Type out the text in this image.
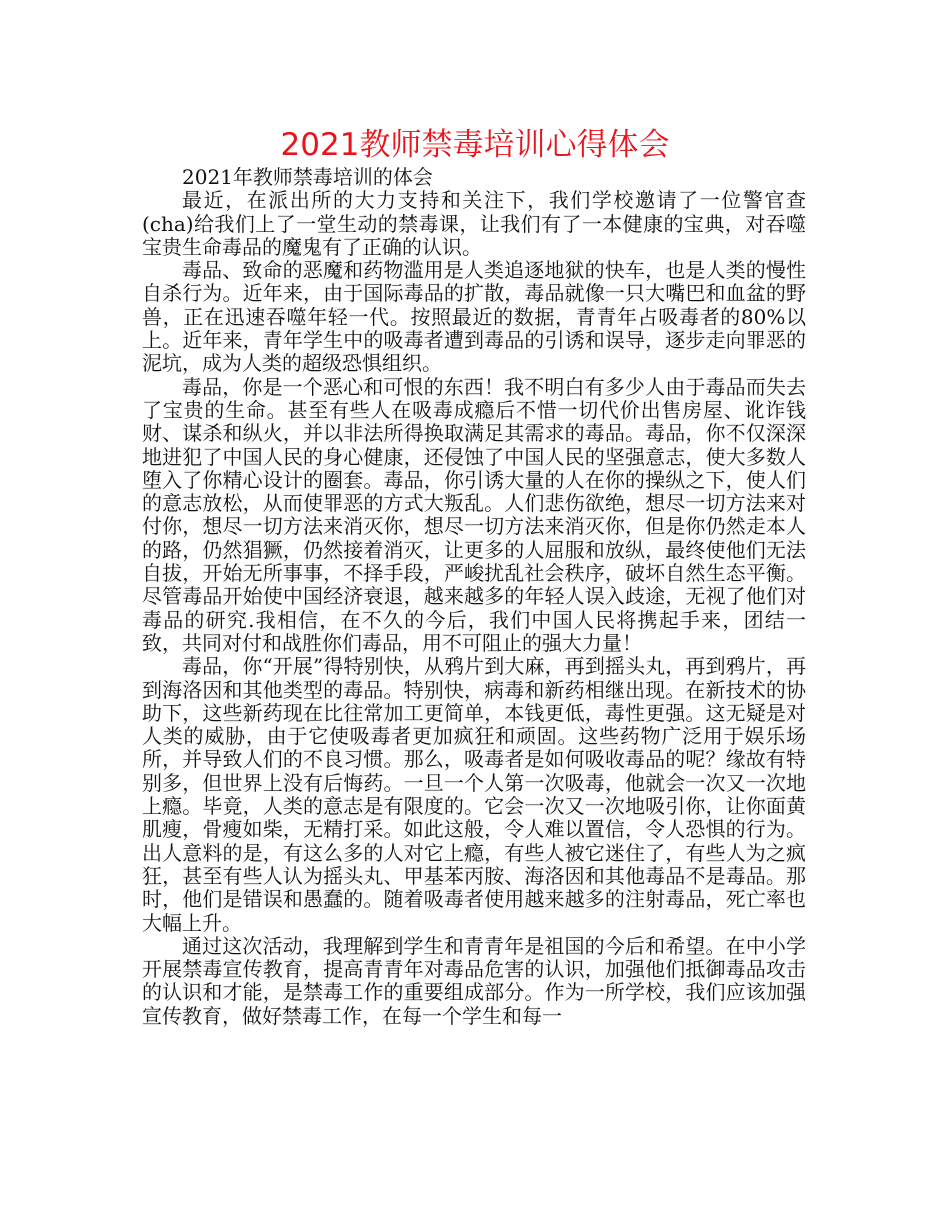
2021教师禁毒培训心得体会

2021年教师禁毒培训的体会

最近，在派出所的大力支持和关注下，我们学校邀请了一位警官查(cha)给我们上了一堂生动的禁毒课，让我们有了一本健康的宝典，对吞噬宝贵生命毒品的魔鬼有了正确的认识。

毒品、致命的恶魔和药物滥用是人类追逐地狱的快车，也是人类的慢性自杀行为。近年来，由于国际毒品的扩散，毒品就像一只大嘴巴和血盆的野兽，正在迅速吞噬年轻一代。按照最近的数据，青青年占吸毒者的80%以上。近年来，青年学生中的吸毒者遭到毒品的引诱和误导，逐步走向罪恶的泥坑，成为人类的超级恐惧组织。

毒品，你是一个恶心和可恨的东西！我不明白有多少人由于毒品而失去了宝贵的生命。甚至有些人在吸毒成瘾后不惜一切代价出售房屋、讹诈钱财、谋杀和纵火，并以非法所得换取满足其需求的毒品。毒品，你不仅深深地进犯了中国人民的身心健康，还侵蚀了中国人民的坚强意志，使大多数人堕入了你精心设计的圈套。毒品，你引诱大量的人在你的操纵之下，使人们的意志放松，从而使罪恶的方式大叛乱。人们悲伤欲绝，想尽一切方法来对付你，想尽一切方法来消灭你，想尽一切方法来消灭你，但是你仍然走本人的路，仍然猖獗，仍然接着消灭，让更多的人屈服和放纵，最终使他们无法自拔，开始无所事事，不择手段，严峻扰乱社会秩序，破坏自然生态平衡。尽管毒品开始使中国经济衰退，越来越多的年轻人误入歧途，无视了他们对毒品的研究.我相信，在不久的今后，我们中国人民将携起手来，团结一致，共同对付和战胜你们毒品，用不可阻止的强大力量！

毒品，你“开展”得特别快，从鸦片到大麻，再到摇头丸，再到鸦片，再到海洛因和其他类型的毒品。特别快，病毒和新药相继出现。在新技术的协助下，这些新药现在比往常加工更简单，本钱更低，毒性更强。这无疑是对人类的威胁，由于它使吸毒者更加疯狂和顽固。这些药物广泛用于娱乐场所，并导致人们的不良习惯。那么，吸毒者是如何吸收毒品的呢？缘故有特别多，但世界上没有后悔药。一旦一个人第一次吸毒，他就会一次又一次地上瘾。毕竟，人类的意志是有限度的。它会一次又一次地吸引你，让你面黄肌瘦，骨瘦如柴，无精打采。如此这般，令人难以置信，令人恐惧的行为。出人意料的是，有这么多的人对它上瘾，有些人被它迷住了，有些人为之疯狂，甚至有些人认为摇头丸、甲基苯丙胺、海洛因和其他毒品不是毒品。那时，他们是错误和愚蠢的。随着吸毒者使用越来越多的注射毒品，死亡率也大幅上升。

通过这次活动，我理解到学生和青青年是祖国的今后和希望。在中小学开展禁毒宣传教育，提高青青年对毒品危害的认识，加强他们抵御毒品攻击的认识和才能，是禁毒工作的重要组成部分。作为一所学校，我们应该加强宣传教育，做好禁毒工作，在每一个学生和每一
